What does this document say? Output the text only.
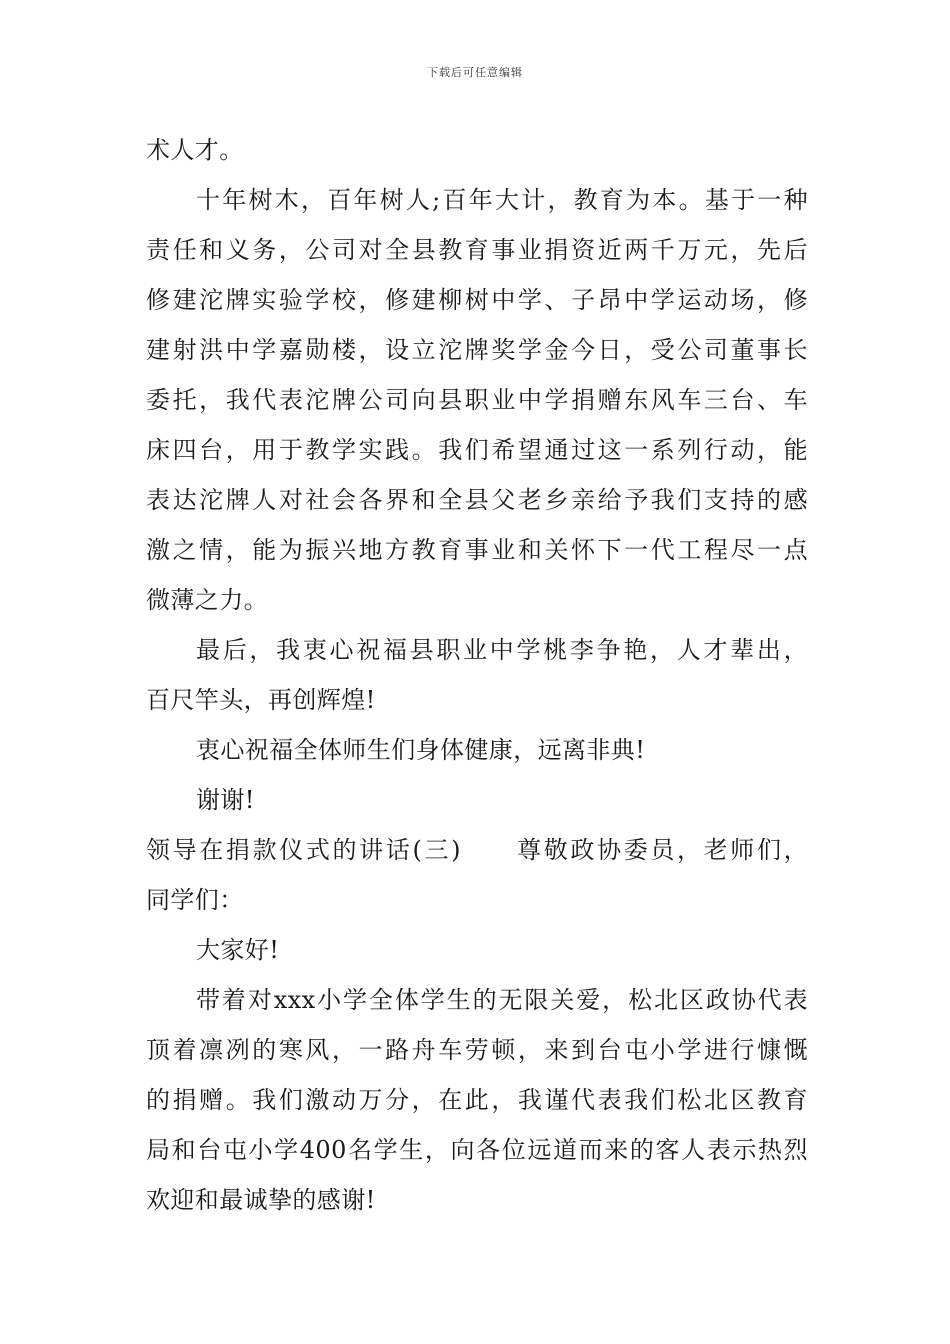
下载后可任意编辑
术人才。
十年树木，百年树人;百年大计，教育为本。基于一种
责任和义务，公司对全县教育事业捐资近两千万元，先后
修建沱牌实验学校，修建柳树中学、子昂中学运动场，修
建射洪中学嘉勋楼，设立沱牌奖学金今日，受公司董事长
委托，我代表沱牌公司向县职业中学捐赠东风车三台、车
床四台，用于教学实践。我们希望通过这一系列行动，能
表达沱牌人对社会各界和全县父老乡亲给予我们支持的感
激之情，能为振兴地方教育事业和关怀下一代工程尽一点
微薄之力。
最后，我衷心祝福县职业中学桃李争艳，人才辈出，
百尺竿头，再创辉煌!
衷心祝福全体师生们身体健康，远离非典!
谢谢!
领导在捐款仪式的讲话(三) 尊敬政协委员，老师们，
同学们：
大家好!
带着对xxx小学全体学生的无限关爱，松北区政协代表
顶着凛冽的寒风，一路舟车劳顿，来到台屯小学进行慷慨
的捐赠。我们激动万分，在此，我谨代表我们松北区教育
局和台屯小学400名学生，向各位远道而来的客人表示热烈
欢迎和最诚挚的感谢!
